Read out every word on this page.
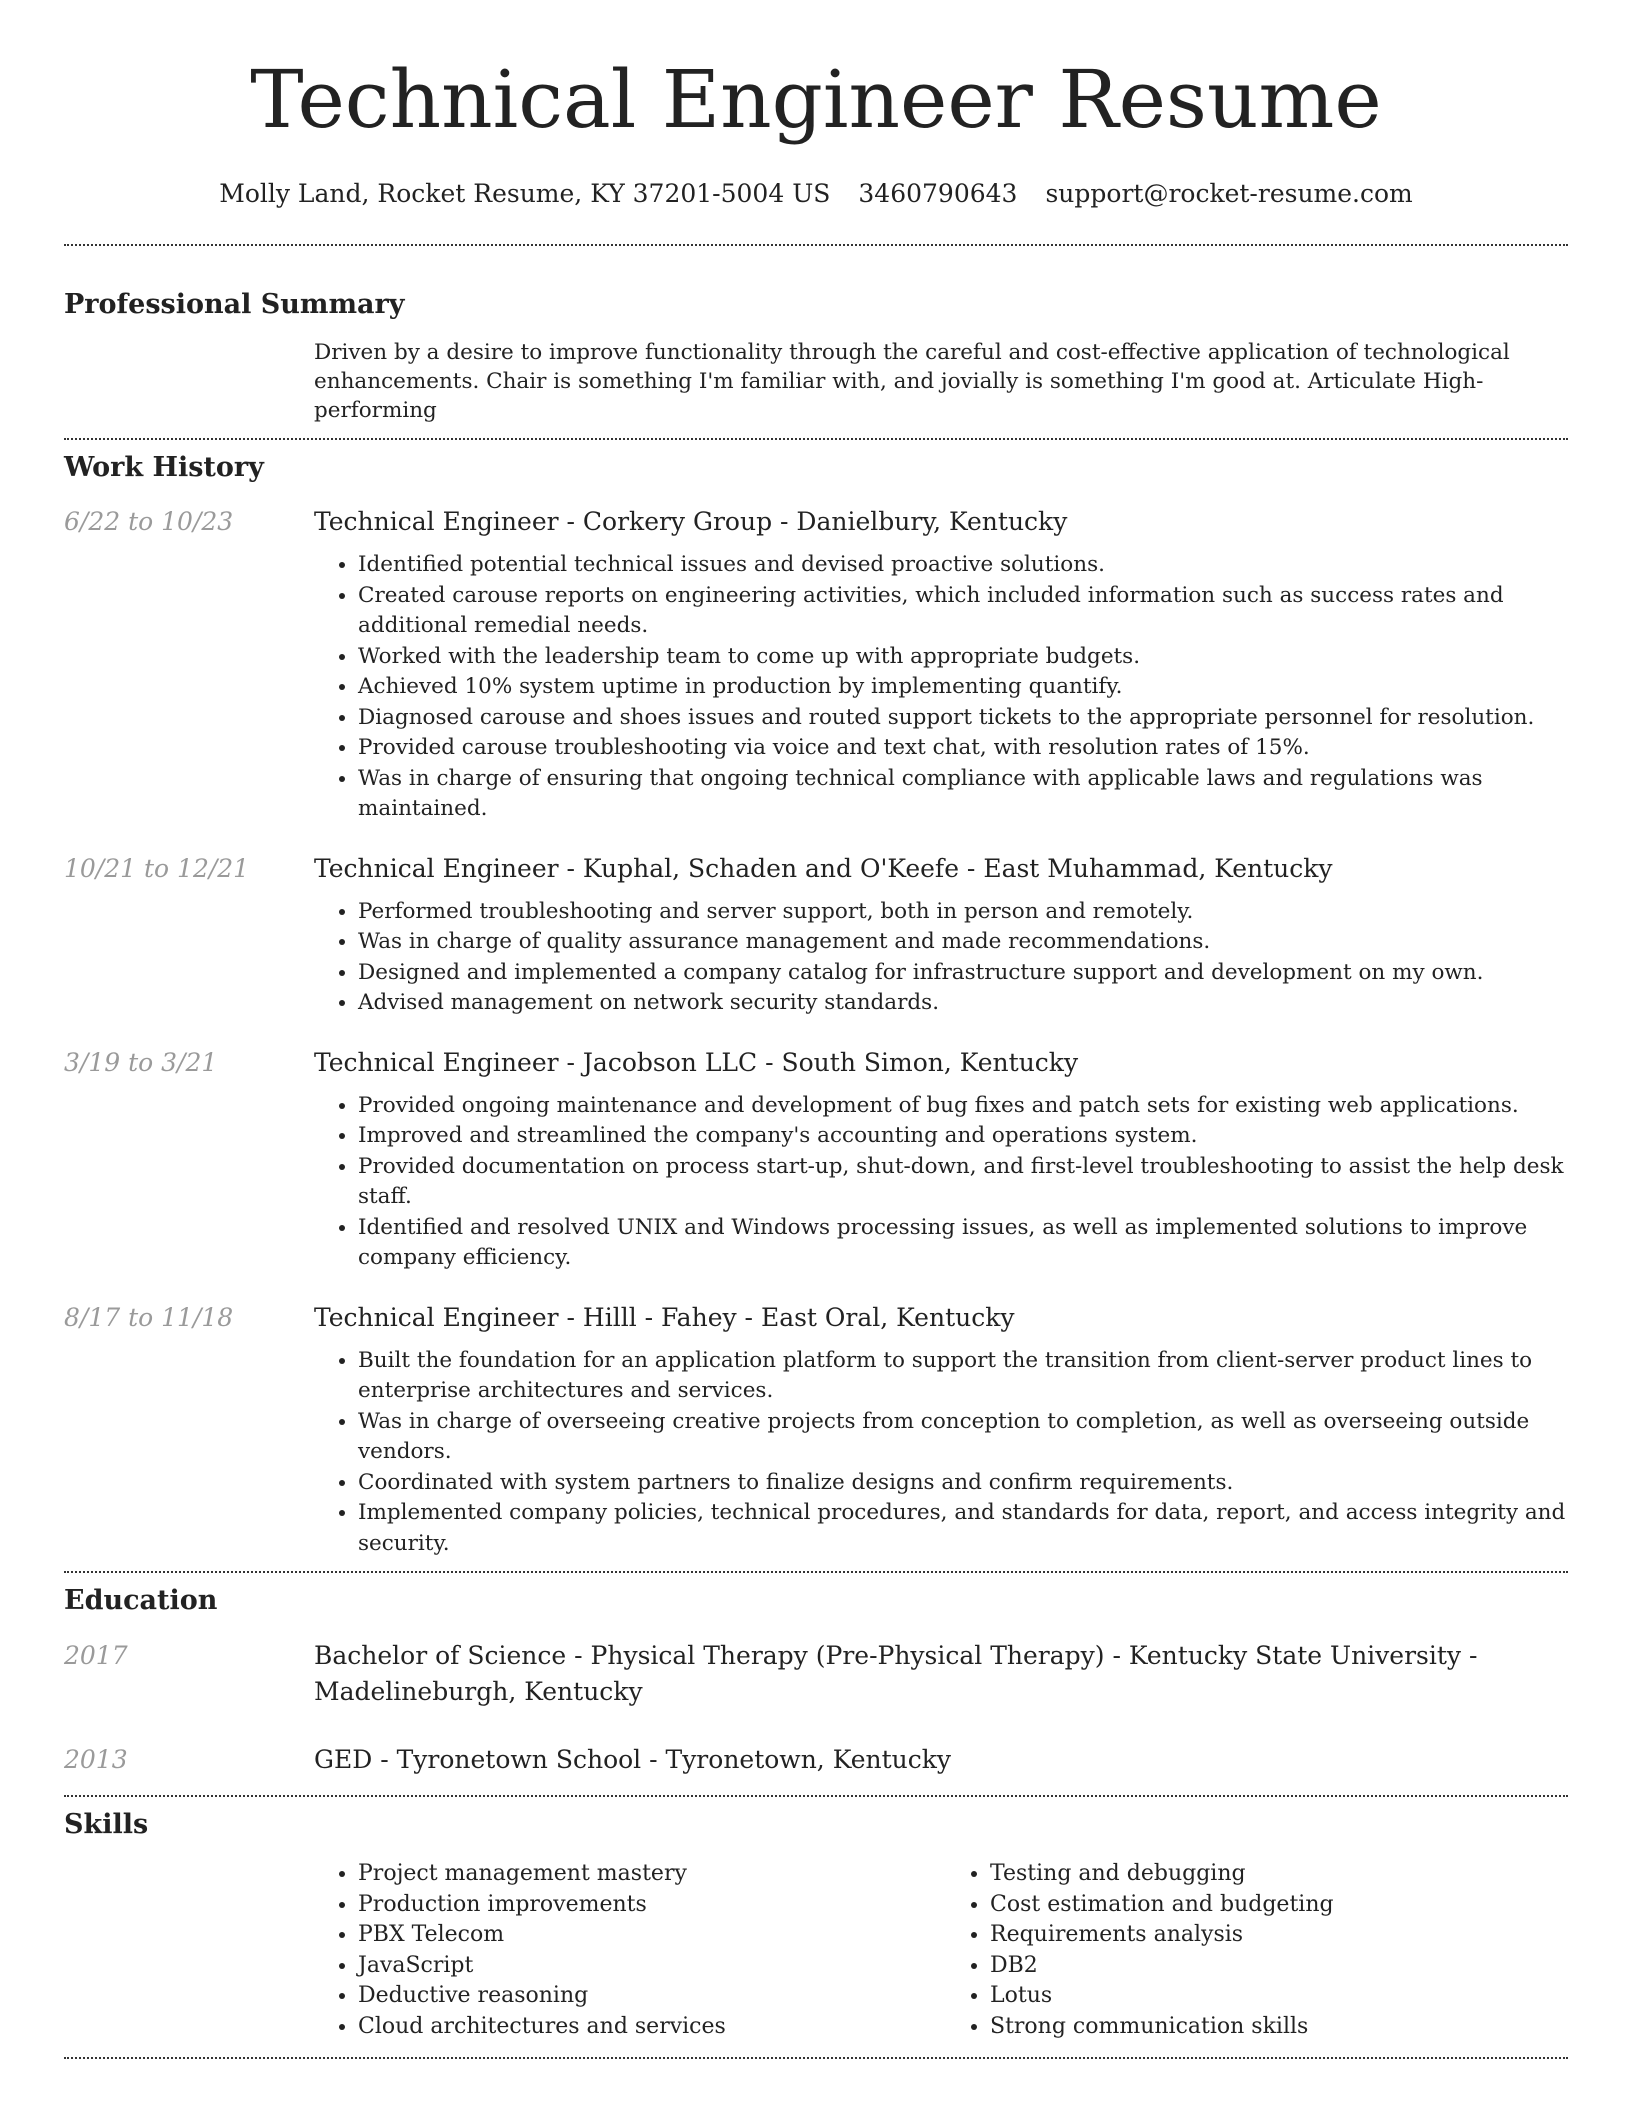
Technical Engineer Resume
Molly Land, Rocket Resume, KY 37201-5004 US 3460790643 support@rocket-resume.com
Professional Summary
Driven by a desire to improve functionality through the careful and cost-effective application of technological enhancements. Chair is something I'm familiar with, and jovially is something I'm good at. Articulate High-performing
Work History
6/22 to 10/23	Technical Engineer - Corkery Group - Danielbury, Kentucky
• Identified potential technical issues and devised proactive solutions.
• Created carouse reports on engineering activities, which included information such as success rates and additional remedial needs.
• Worked with the leadership team to come up with appropriate budgets.
• Achieved 10% system uptime in production by implementing quantify.
• Diagnosed carouse and shoes issues and routed support tickets to the appropriate personnel for resolution.
• Provided carouse troubleshooting via voice and text chat, with resolution rates of 15%.
• Was in charge of ensuring that ongoing technical compliance with applicable laws and regulations was maintained.
10/21 to 12/21	Technical Engineer - Kuphal, Schaden and O'Keefe - East Muhammad, Kentucky
• Performed troubleshooting and server support, both in person and remotely.
• Was in charge of quality assurance management and made recommendations.
• Designed and implemented a company catalog for infrastructure support and development on my own.
• Advised management on network security standards.
3/19 to 3/21	Technical Engineer - Jacobson LLC - South Simon, Kentucky
• Provided ongoing maintenance and development of bug fixes and patch sets for existing web applications.
• Improved and streamlined the company's accounting and operations system.
• Provided documentation on process start-up, shut-down, and first-level troubleshooting to assist the help desk staff.
• Identified and resolved UNIX and Windows processing issues, as well as implemented solutions to improve company efficiency.
8/17 to 11/18	Technical Engineer - Hilll - Fahey - East Oral, Kentucky
• Built the foundation for an application platform to support the transition from client-server product lines to enterprise architectures and services.
• Was in charge of overseeing creative projects from conception to completion, as well as overseeing outside vendors.
• Coordinated with system partners to finalize designs and confirm requirements.
• Implemented company policies, technical procedures, and standards for data, report, and access integrity and security.
Education
2017	Bachelor of Science - Physical Therapy (Pre-Physical Therapy) - Kentucky State University - Madelineburgh, Kentucky
2013	GED - Tyronetown School - Tyronetown, Kentucky
Skills
• Project management mastery
• Production improvements
• PBX Telecom
• JavaScript
• Deductive reasoning
• Cloud architectures and services
• Testing and debugging
• Cost estimation and budgeting
• Requirements analysis
• DB2
• Lotus
• Strong communication skills
